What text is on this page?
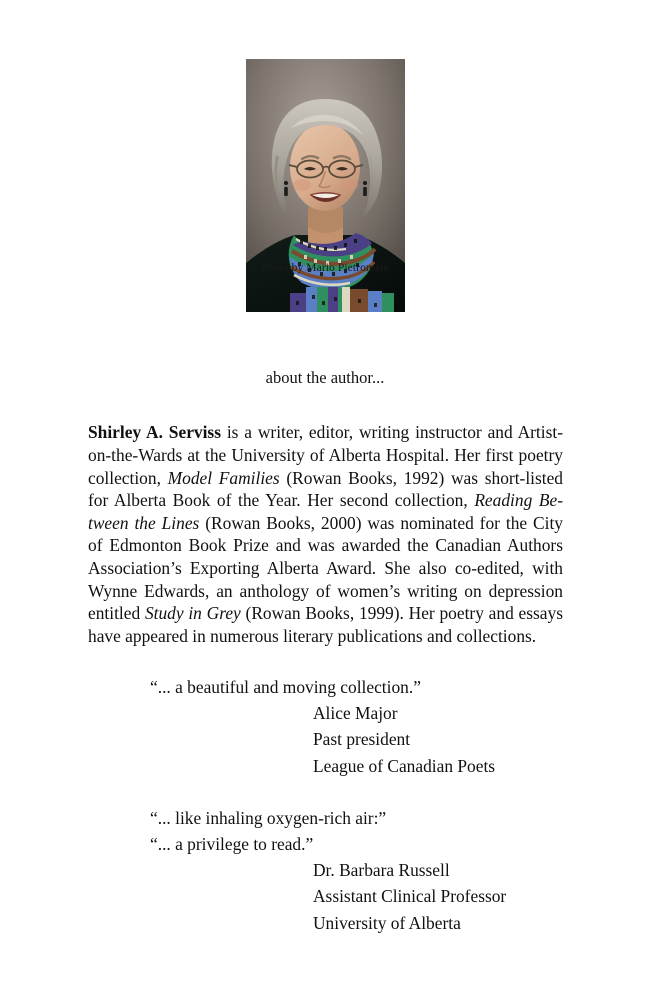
Photo by Mario Pietromala
about the author...

Shirley A. Serviss is a writer, editor, writing instructor and Artist-on-the-Wards at the University of Alberta Hospital. Her first poetry collection, Model Families (Rowan Books, 1992) was short-listed for Alberta Book of the Year. Her second collection, Reading Between the Lines (Rowan Books, 2000) was nominated for the City of Edmonton Book Prize and was awarded the Canadian Authors Association’s Exporting Alberta Award. She also co-edited, with Wynne Edwards, an anthology of women’s writing on depression entitled Study in Grey (Rowan Books, 1999). Her poetry and essays have appeared in numerous literary publications and collections.

“... a beautiful and moving collection.”
Alice Major
Past president
League of Canadian Poets
“... like inhaling oxygen-rich air:”
“... a privilege to read.”
Dr. Barbara Russell
Assistant Clinical Professor
University of Alberta
